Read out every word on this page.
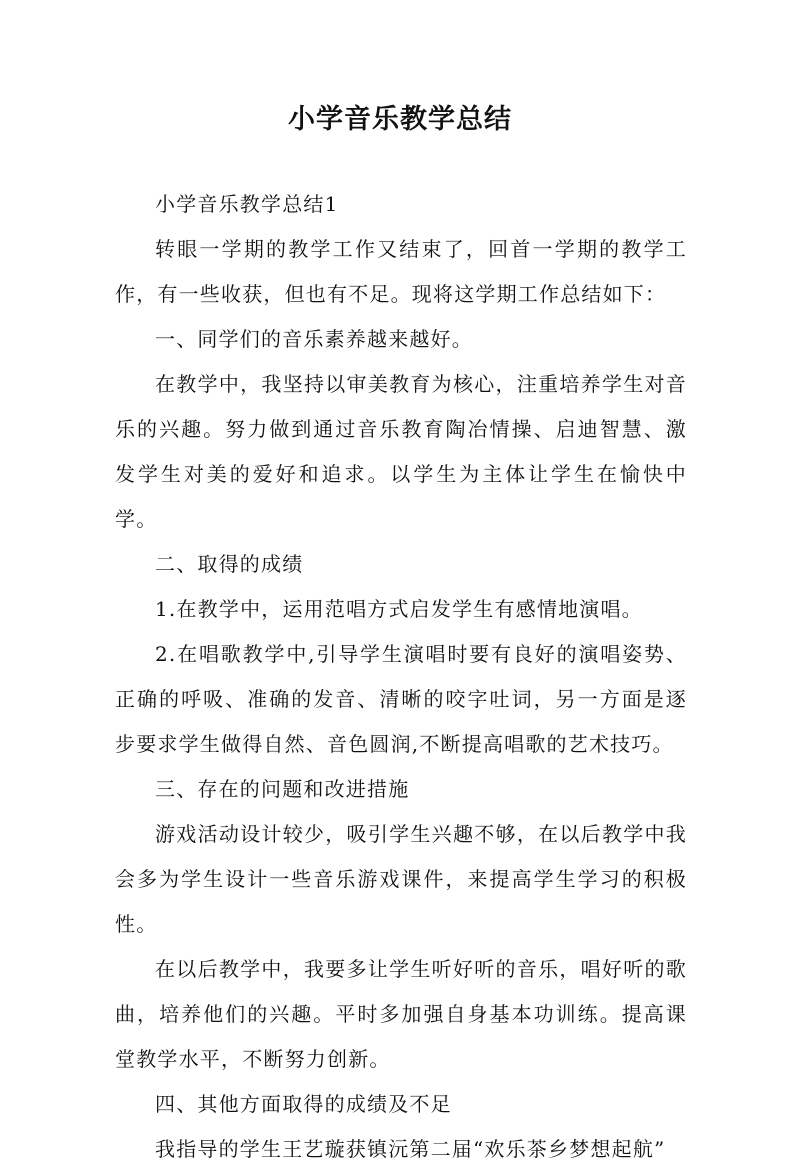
小学音乐教学总结

小学音乐教学总结1

转眼一学期的教学工作又结束了，回首一学期的教学工作，有一些收获，但也有不足。现将这学期工作总结如下：

一、同学们的音乐素养越来越好。

在教学中，我坚持以审美教育为核心，注重培养学生对音乐的兴趣。努力做到通过音乐教育陶冶情操、启迪智慧、激发学生对美的爱好和追求。以学生为主体让学生在愉快中学。

二、取得的成绩

1.在教学中，运用范唱方式启发学生有感情地演唱。

2.在唱歌教学中,引导学生演唱时要有良好的演唱姿势、正确的呼吸、准确的发音、清晰的咬字吐词，另一方面是逐步要求学生做得自然、音色圆润,不断提高唱歌的艺术技巧。

三、存在的问题和改进措施

游戏活动设计较少，吸引学生兴趣不够，在以后教学中我会多为学生设计一些音乐游戏课件，来提高学生学习的积极性。

在以后教学中，我要多让学生听好听的音乐，唱好听的歌曲，培养他们的兴趣。平时多加强自身基本功训练。提高课堂教学水平，不断努力创新。

四、其他方面取得的成绩及不足

我指导的学生王艺璇获镇沅第二届“欢乐茶乡梦想起航”
